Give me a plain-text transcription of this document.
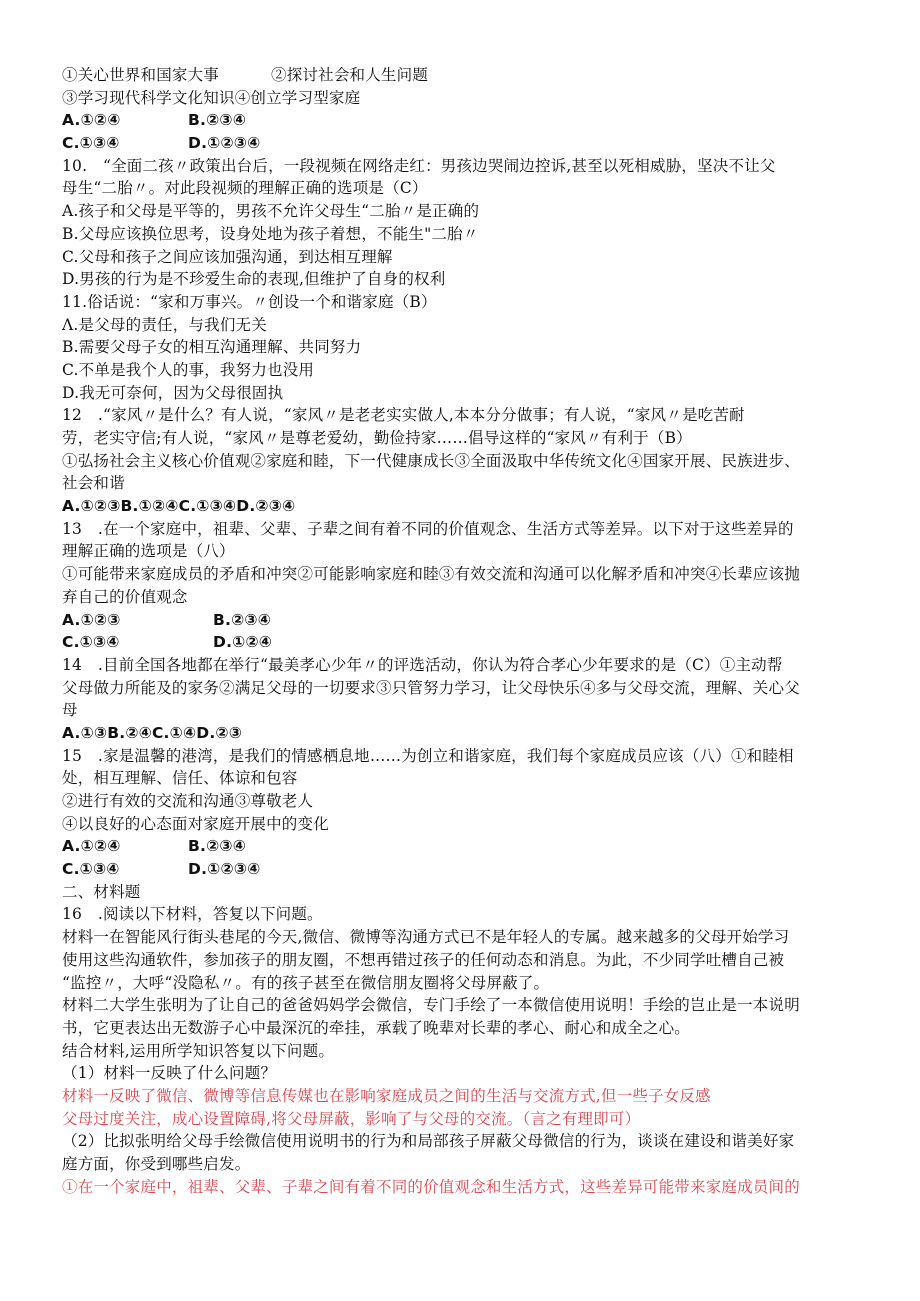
①关心世界和国家大事	②探讨社会和人生问题
③学习现代科学文化知识④创立学习型家庭
A.①②④	B.②③④
C.①③④	D.①②③④
10.　“全面二孩〃政策出台后，一段视频在网络走红：男孩边哭闹边控诉,甚至以死相威胁，坚决不让父
母生“二胎〃。对此段视频的理解正确的选项是（C）
A.孩子和父母是平等的，男孩不允许父母生“二胎〃是正确的
B.父母应该换位思考，设身处地为孩子着想，不能生"二胎〃
C.父母和孩子之间应该加强沟通，到达相互理解
D.男孩的行为是不珍爱生命的表现,但维护了自身的权利
11.俗话说：“家和万事兴。〃创设一个和谐家庭（B）
Λ.是父母的责任，与我们无关
B.需要父母子女的相互沟通理解、共同努力
C.不单是我个人的事，我努力也没用
D.我无可奈何，因为父母很固执
12　.“家风〃是什么？有人说，“家风〃是老老实实做人,本本分分做事；有人说，“家风〃是吃苦耐
劳，老实守信;有人说，“家风〃是尊老爱幼，勤俭持家……倡导这样的“家风〃有利于（B）
①弘扬社会主义核心价值观②家庭和睦，下一代健康成长③全面汲取中华传统文化④国家开展、民族进步、
社会和谐
A.①②③B.①②④C.①③④D.②③④
13　.在一个家庭中，祖辈、父辈、子辈之间有着不同的价值观念、生活方式等差异。以下对于这些差异的
理解正确的选项是（八）
①可能带来家庭成员的矛盾和冲突②可能影响家庭和睦③有效交流和沟通可以化解矛盾和冲突④长辈应该抛
弃自己的价值观念
A.①②③	B.②③④
C.①③④	D.①②④
14　.目前全国各地都在举行“最美孝心少年〃的评选活动，你认为符合孝心少年要求的是（C）①主动帮
父母做力所能及的家务②满足父母的一切要求③只管努力学习，让父母快乐④多与父母交流，理解、关心父
母
A.①③B.②④C.①④D.②③
15　.家是温馨的港湾，是我们的情感栖息地……为创立和谐家庭，我们每个家庭成员应该（八）①和睦相
处，相互理解、信任、体谅和包容
②进行有效的交流和沟通③尊敬老人
④以良好的心态面对家庭开展中的变化
A.①②④	B.②③④
C.①③④	D.①②③④
二、材料题
16　.阅读以下材料，答复以下问题。
材料一在智能风行街头巷尾的今天,微信、微博等沟通方式已不是年轻人的专属。越来越多的父母开始学习
使用这些沟通软件，参加孩子的朋友圈，不想再错过孩子的任何动态和消息。为此，不少同学吐槽自己被
“监控〃，大呼“没隐私〃。有的孩子甚至在微信朋友圈将父母屏蔽了。
材料二大学生张明为了让自己的爸爸妈妈学会微信，专门手绘了一本微信使用说明！手绘的岂止是一本说明
书，它更表达出无数游子心中最深沉的牵挂，承载了晚辈对长辈的孝心、耐心和成全之心。
结合材料,运用所学知识答复以下问题。
（1）材料一反映了什么问题？
材料一反映了微信、微博等信息传媒也在影响家庭成员之间的生活与交流方式,但一些子女反感
父母过度关注，成心设置障碍,将父母屏蔽，影响了与父母的交流。（言之有理即可）
（2）比拟张明给父母手绘微信使用说明书的行为和局部孩子屏蔽父母微信的行为，谈谈在建设和谐美好家
庭方面，你受到哪些启发。
①在一个家庭中，祖辈、父辈、子辈之间有着不同的价值观念和生活方式，这些差异可能带来家庭成员间的
